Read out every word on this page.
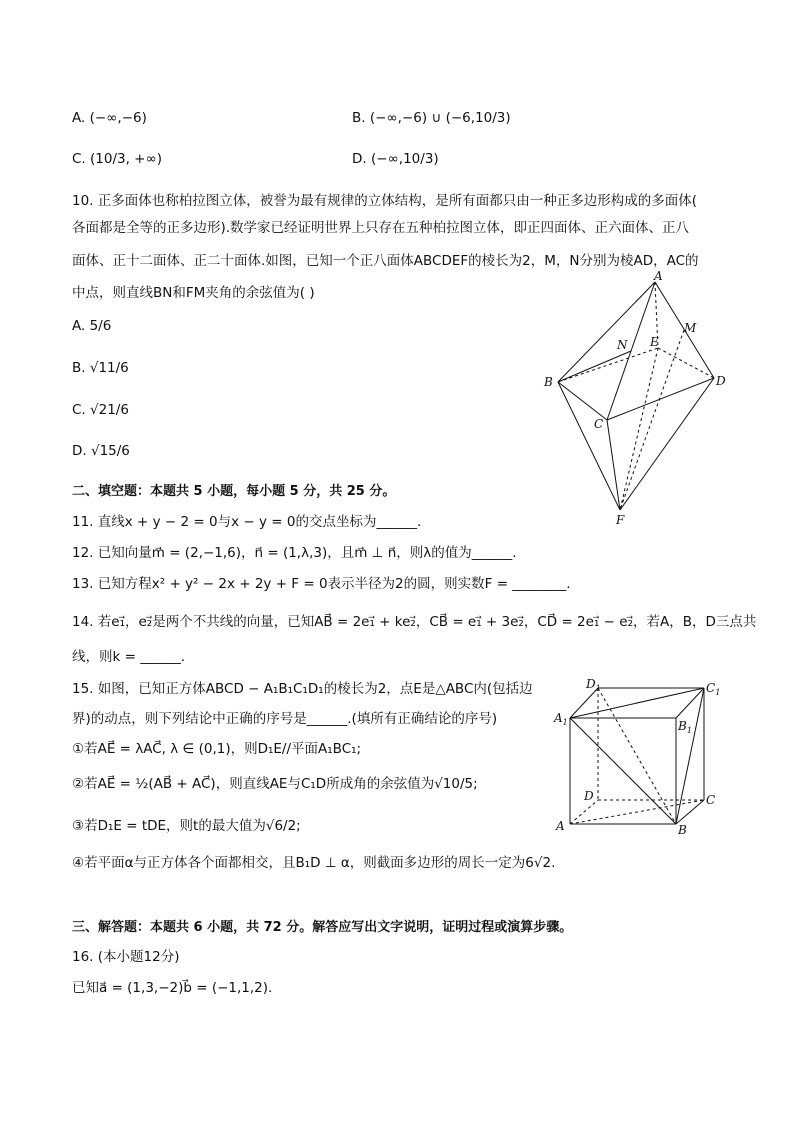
A. (−∞,−6)	B. (−∞,−6) ∪ (−6,10/3)
C. (10/3, +∞)	D. (−∞,10/3)
10. 正多面体也称柏拉图立体，被誉为最有规律的立体结构，是所有面都只由一种正多边形构成的多面体(
各面都是全等的正多边形).数学家已经证明世界上只存在五种柏拉图立体，即正四面体、正六面体、正八
面体、正十二面体、正二十面体.如图，已知一个正八面体ABCDEF的棱长为2，M，N分别为棱AD，AC的
中点，则直线BN和FM夹角的余弦值为( )
A. 5/6
B. √11/6
C. √21/6
D. √15/6
A
M
N E
B	D
C
F
二、填空题：本题共 5 小题，每小题 5 分，共 25 分。
11. 直线x + y − 2 = 0与x − y = 0的交点坐标为______.
12. 已知向量m⃗ = (2,−1,6)，n⃗ = (1,λ,3)，且m⃗ ⊥ n⃗，则λ的值为______.
13. 已知方程x² + y² − 2x + 2y + F = 0表示半径为2的圆，则实数F = ________.
14. 若e₁⃗，e₂⃗是两个不共线的向量，已知AB⃗ = 2e₁⃗ + ke₂⃗，CB⃗ = e₁⃗ + 3e₂⃗，CD⃗ = 2e₁⃗ − e₂⃗，若A，B，D三点共
线，则k = ______.
15. 如图，已知正方体ABCD − A₁B₁C₁D₁的棱长为2，点E是△ABC内(包括边
界)的动点，则下列结论中正确的序号是______.(填所有正确结论的序号)
①若AE⃗ = λAC⃗, λ ∈ (0,1)，则D₁E//平面A₁BC₁;
②若AE⃗ = ½(AB⃗ + AC⃗)，则直线AE与C₁D所成角的余弦值为√10/5;
③若D₁E = tDE，则t的最大值为√6/2;
④若平面α与正方体各个面都相交，且B₁D ⊥ α，则截面多边形的周长一定为6√2.
$D_1$	$C_1$
$A_1$	$B_1$
D	C
A	B
三、解答题：本题共 6 小题，共 72 分。解答应写出文字说明，证明过程或演算步骤。
16. (本小题12分)
已知a⃗ = (1,3,−2)b⃗ = (−1,1,2).
